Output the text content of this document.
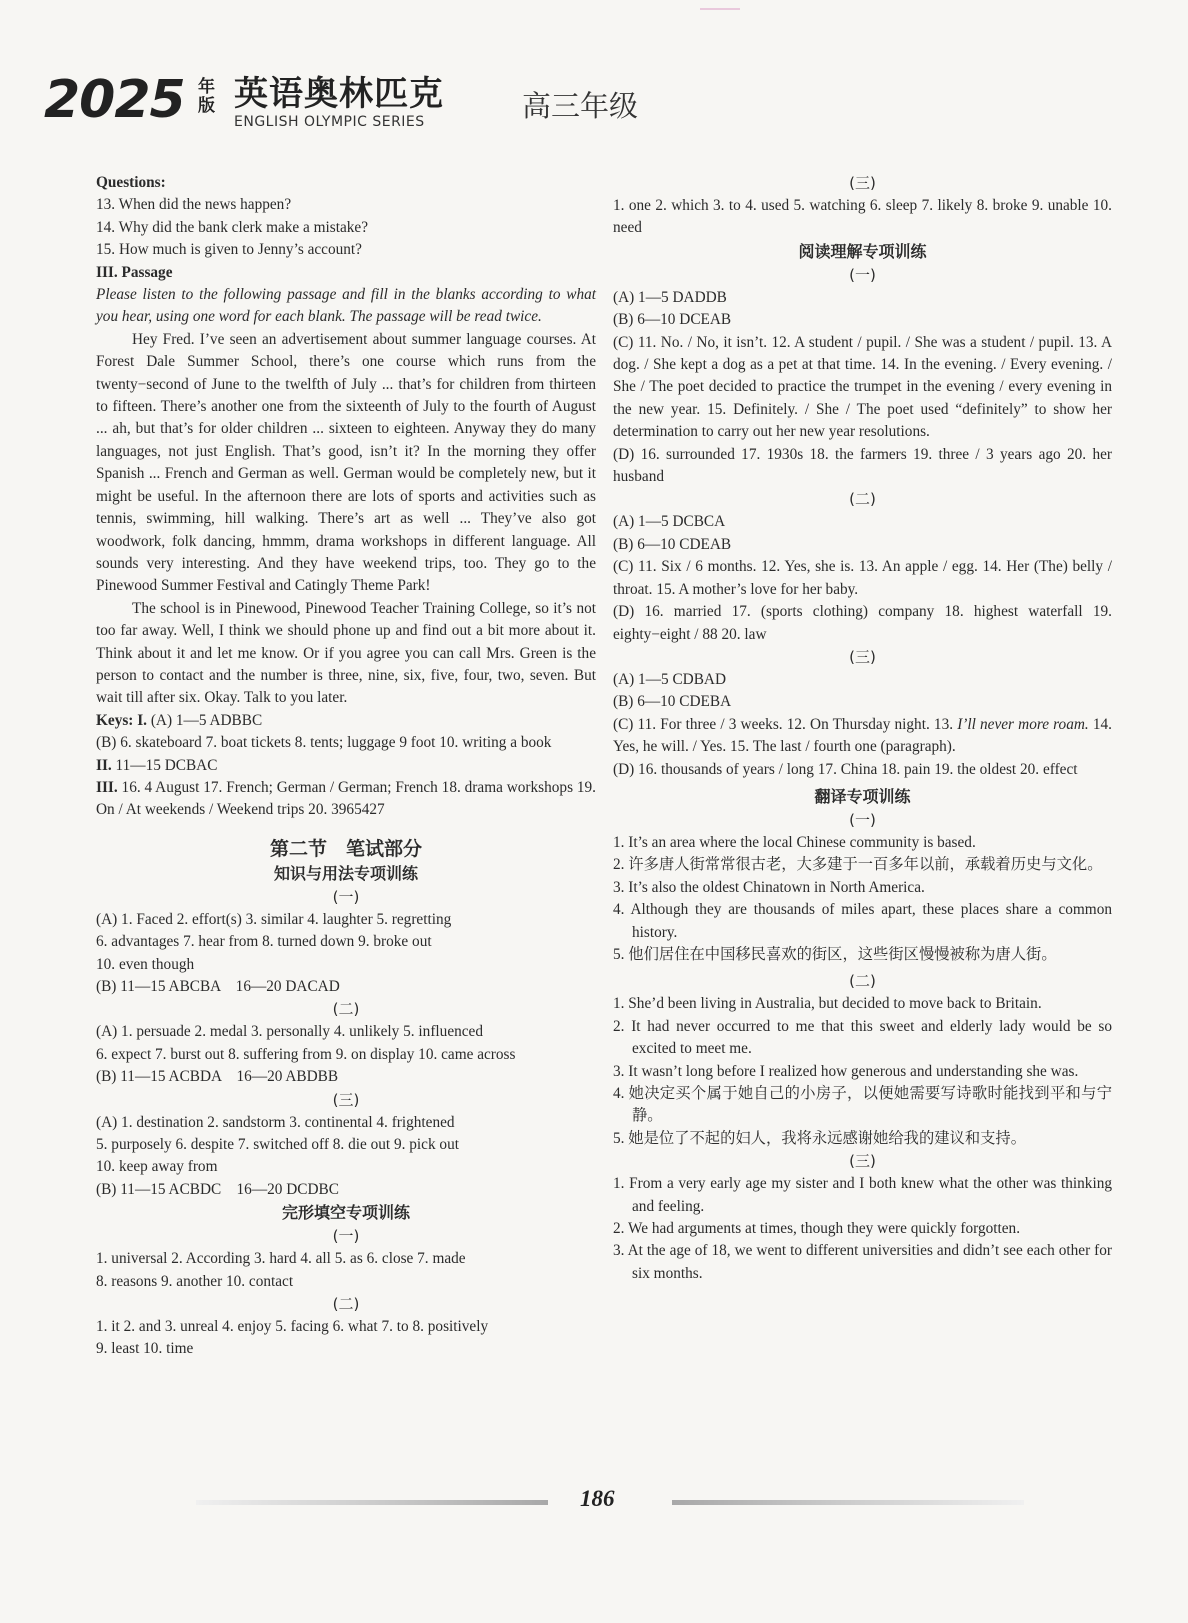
2025 年版 英语奥林匹克
ENGLISH OLYMPIC SERIES	高三年级

Questions:

13. When did the news happen?

14. Why did the bank clerk make a mistake?

15. How much is given to Jenny’s account?

III. Passage

Please listen to the following passage and fill in the blanks according to what you hear, using one word for each blank. The passage will be read twice.

Hey Fred. I’ve seen an advertisement about summer language courses. At Forest Dale Summer School, there’s one course which runs from the twenty−second of June to the twelfth of July ... that’s for children from thirteen to fifteen. There’s another one from the sixteenth of July to the fourth of August ... ah, but that’s for older children ... sixteen to eighteen. Anyway they do many languages, not just English. That’s good, isn’t it? In the morning they offer Spanish ... French and German as well. German would be completely new, but it might be useful. In the afternoon there are lots of sports and activities such as tennis, swimming, hill walking. There’s art as well ... They’ve also got woodwork, folk dancing, hmmm, drama workshops in different language. All sounds very interesting. And they have weekend trips, too. They go to the Pinewood Summer Festival and Catingly Theme Park!

The school is in Pinewood, Pinewood Teacher Training College, so it’s not too far away. Well, I think we should phone up and find out a bit more about it. Think about it and let me know. Or if you agree you can call Mrs. Green is the person to contact and the number is three, nine, six, five, four, two, seven. But wait till after six. Okay. Talk to you later.

Keys: I. (A) 1—5 ADBBC

(B) 6. skateboard 7. boat tickets 8. tents; luggage 9 foot 10. writing a book

II. 11—15 DCBAC

III. 16. 4 August 17. French; German / German; French 18. drama workshops 19. On / At weekends / Weekend trips 20. 3965427

第二节　笔试部分

知识与用法专项训练

(一)

(A) 1. Faced 2. effort(s) 3. similar 4. laughter 5. regretting

6. advantages 7. hear from 8. turned down 9. broke out

10. even though

(B) 11—15 ABCBA　16—20 DACAD

(二)

(A) 1. persuade 2. medal 3. personally 4. unlikely 5. influenced

6. expect 7. burst out 8. suffering from 9. on display 10. came across

(B) 11—15 ACBDA　16—20 ABDBB

(三)

(A) 1. destination 2. sandstorm 3. continental 4. frightened

5. purposely 6. despite 7. switched off 8. die out 9. pick out

10. keep away from

(B) 11—15 ACBDC　16—20 DCDBC

完形填空专项训练

(一)

1. universal 2. According 3. hard 4. all 5. as 6. close 7. made

8. reasons 9. another 10. contact

(二)

1. it 2. and 3. unreal 4. enjoy 5. facing 6. what 7. to 8. positively

9. least 10. time

(三)

1. one 2. which 3. to 4. used 5. watching 6. sleep 7. likely 8. broke 9. unable 10. need

阅读理解专项训练

(一)

(A) 1—5 DADDB

(B) 6—10 DCEAB

(C) 11. No. / No, it isn’t. 12. A student / pupil. / She was a student / pupil. 13. A dog. / She kept a dog as a pet at that time. 14. In the evening. / Every evening. / She / The poet decided to practice the trumpet in the evening / every evening in the new year. 15. Definitely. / She / The poet used “definitely” to show her determination to carry out her new year resolutions.

(D) 16. surrounded 17. 1930s 18. the farmers 19. three / 3 years ago 20. her husband

(二)

(A) 1—5 DCBCA

(B) 6—10 CDEAB

(C) 11. Six / 6 months. 12. Yes, she is. 13. An apple / egg. 14. Her (The) belly / throat. 15. A mother’s love for her baby.

(D) 16. married 17. (sports clothing) company 18. highest waterfall 19. eighty−eight / 88 20. law

(三)

(A) 1—5 CDBAD

(B) 6—10 CDEBA

(C) 11. For three / 3 weeks. 12. On Thursday night. 13. I’ll never more roam. 14. Yes, he will. / Yes. 15. The last / fourth one (paragraph).

(D) 16. thousands of years / long 17. China 18. pain 19. the oldest 20. effect

翻译专项训练

(一)

1. It’s an area where the local Chinese community is based.

2. 许多唐人街常常很古老，大多建于一百多年以前，承载着历史与文化。

3. It’s also the oldest Chinatown in North America.

4. Although they are thousands of miles apart, these places share a common history.

5. 他们居住在中国移民喜欢的街区，这些街区慢慢被称为唐人街。

(二)

1. She’d been living in Australia, but decided to move back to Britain.

2. It had never occurred to me that this sweet and elderly lady would be so excited to meet me.

3. It wasn’t long before I realized how generous and understanding she was.

4. 她决定买个属于她自己的小房子，以便她需要写诗歌时能找到平和与宁静。

5. 她是位了不起的妇人，我将永远感谢她给我的建议和支持。

(三)

1. From a very early age my sister and I both knew what the other was thinking and feeling.

2. We had arguments at times, though they were quickly forgotten.

3. At the age of 18, we went to different universities and didn’t see each other for six months.

186
